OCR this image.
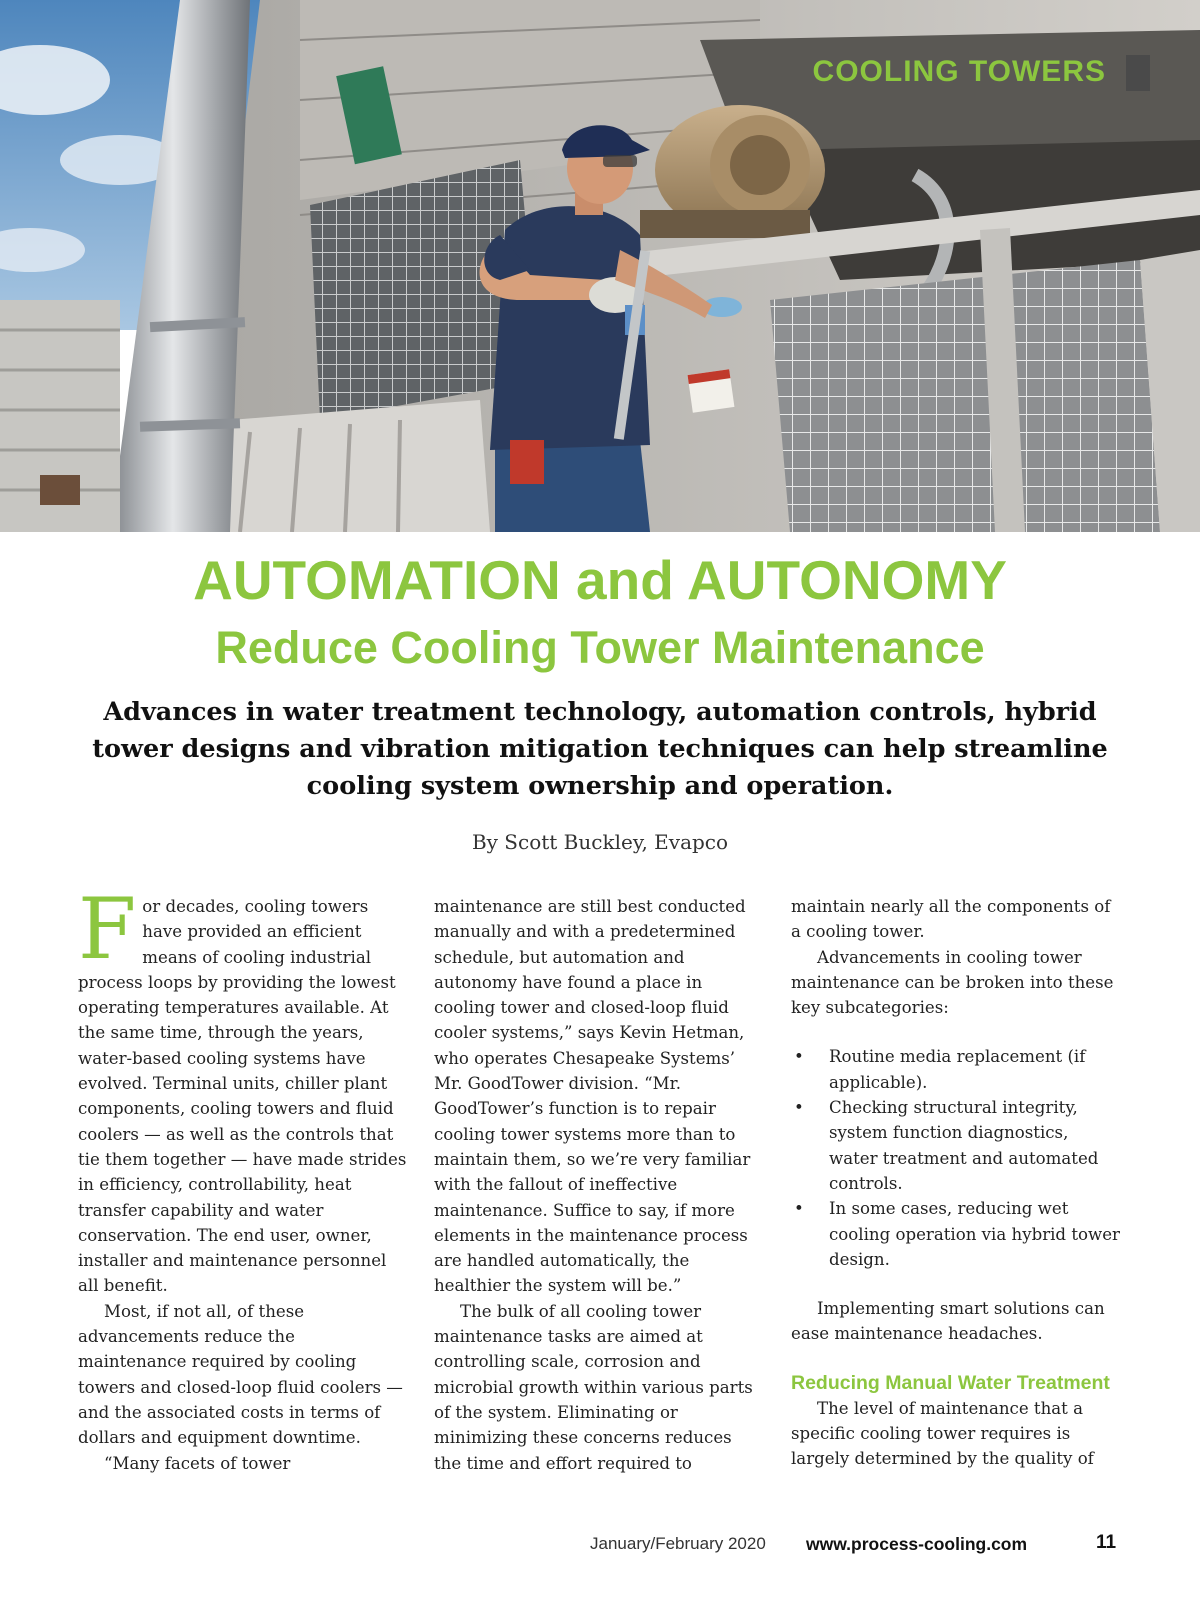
COOLING TOWERS
AUTOMATION and AUTONOMY
Reduce Cooling Tower Maintenance

Advances in water treatment technology, automation controls, hybrid tower designs and vibration mitigation techniques can help streamline cooling system ownership and operation.

By Scott Buckley, Evapco

For decades, cooling towers have provided an efficient means of cooling industrial process loops by providing the lowest operating temperatures available. At the same time, through the years, water-based cooling systems have evolved. Terminal units, chiller plant components, cooling towers and fluid coolers — as well as the controls that tie them together — have made strides in efficiency, controllability, heat transfer capability and water conservation. The end user, owner, installer and maintenance personnel all benefit.

Most, if not all, of these advancements reduce the maintenance required by cooling towers and closed-loop fluid coolers — and the associated costs in terms of dollars and equipment downtime.

“Many facets of tower

maintenance are still best conducted manually and with a predetermined schedule, but automation and autonomy have found a place in cooling tower and closed-loop fluid cooler systems,” says Kevin Hetman, who operates Chesapeake Systems’ Mr. GoodTower division. “Mr. GoodTower’s function is to repair cooling tower systems more than to maintain them, so we’re very familiar with the fallout of ineffective maintenance. Suffice to say, if more elements in the maintenance process are handled automatically, the healthier the system will be.”

The bulk of all cooling tower maintenance tasks are aimed at controlling scale, corrosion and microbial growth within various parts of the system. Eliminating or minimizing these concerns reduces the time and effort required to

maintain nearly all the components of a cooling tower.

Advancements in cooling tower maintenance can be broken into these key subcategories:

• Routine media replacement (if applicable).
• Checking structural integrity, system function diagnostics, water treatment and automated controls.
• In some cases, reducing wet cooling operation via hybrid tower design.

Implementing smart solutions can ease maintenance headaches.

Reducing Manual Water Treatment

The level of maintenance that a specific cooling tower requires is largely determined by the quality of

January/February 2020 www.process-cooling.com	11
